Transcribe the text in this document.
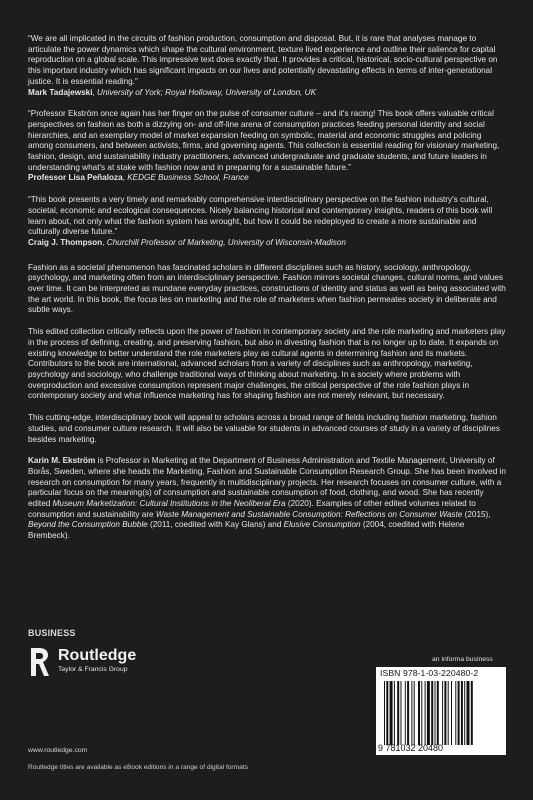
“We are all implicated in the circuits of fashion production, consumption and disposal. But, it is rare that analyses manage to articulate the power dynamics which shape the cultural environment, texture lived experience and outline their salience for capital reproduction on a global scale. This impressive text does exactly that. It provides a critical, historical, socio-cultural perspective on this important industry which has significant impacts on our lives and potentially devastating effects in terms of inter-generational justice. It is essential reading.”

Mark Tadajewski, University of York; Royal Holloway, University of London, UK

“Professor Ekström once again has her finger on the pulse of consumer culture – and it's racing! This book offers valuable critical perspectives on fashion as both a dizzying on- and off-line arena of consumption practices feeding personal identity and social hierarchies, and an exemplary model of market expansion feeding on symbolic, material and economic struggles and policing among consumers, and between activists, firms, and governing agents. This collection is essential reading for visionary marketing, fashion, design, and sustainability industry practitioners, advanced undergraduate and graduate students, and future leaders in understanding what's at stake with fashion now and in preparing for a sustainable future.”

Professor Lisa Peñaloza, KEDGE Business School, France

“This book presents a very timely and remarkably comprehensive interdisciplinary perspective on the fashion industry's cultural, societal, economic and ecological consequences. Nicely balancing historical and contemporary insights, readers of this book will learn about, not only what the fashion system has wrought, but how it could be redeployed to create a more sustainable and culturally diverse future.”

Craig J. Thompson, Churchill Professor of Marketing, University of Wisconsin-Madison

Fashion as a societal phenomenon has fascinated scholars in different disciplines such as history, sociology, anthropology, psychology, and marketing often from an interdisciplinary perspective. Fashion mirrors societal changes, cultural norms, and values over time. It can be interpreted as mundane everyday practices, constructions of identity and status as well as being associated with the art world. In this book, the focus lies on marketing and the role of marketers when fashion permeates society in deliberate and subtle ways.

This edited collection critically reflects upon the power of fashion in contemporary society and the role marketing and marketers play in the process of defining, creating, and preserving fashion, but also in divesting fashion that is no longer up to date. It expands on existing knowledge to better understand the role marketers play as cultural agents in determining fashion and its markets. Contributors to the book are international, advanced scholars from a variety of disciplines such as anthropology, marketing, psychology and sociology, who challenge traditional ways of thinking about marketing. In a society where problems with overproduction and excessive consumption represent major challenges, the critical perspective of the role fashion plays in contemporary society and what influence marketing has for shaping fashion are not merely relevant, but necessary.

This cutting-edge, interdisciplinary book will appeal to scholars across a broad range of fields including fashion marketing, fashion studies, and consumer culture research. It will also be valuable for students in advanced courses of study in a variety of disciplines besides marketing.

Karin M. Ekström is Professor in Marketing at the Department of Business Administration and Textile Management, University of Borås, Sweden, where she heads the Marketing, Fashion and Sustainable Consumption Research Group. She has been involved in research on consumption for many years, frequently in multidisciplinary projects. Her research focuses on consumer culture, with a particular focus on the meaning(s) of consumption and sustainable consumption of food, clothing, and wood. She has recently edited Museum Marketization: Cultural Institutions in the Neoliberal Era (2020). Examples of other edited volumes related to consumption and sustainability are Waste Management and Sustainable Consumption: Reflections on Consumer Waste (2015), Beyond the Consumption Bubble (2011, coedited with Kay Glans) and Elusive Consumption (2004, coedited with Helene Brembeck).

BUSINESS
Routledge
Taylor & Francis Group
www.routledge.com
Routledge titles are available as eBook editions in a range of digital formats
an informa business
ISBN 978-1-03-220480-2
9 781032 20480
